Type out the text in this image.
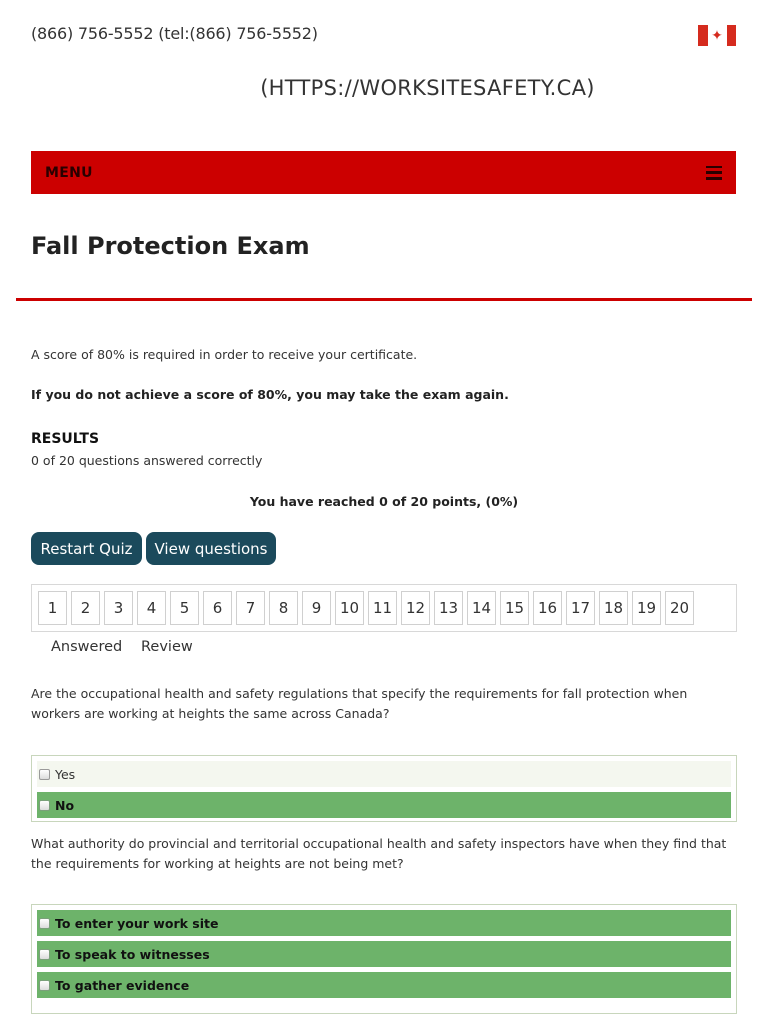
(866) 756-5552 (tel:(866) 756-5552)	✦
(HTTPS://WORKSITESAFETY.CA)
MENU
Fall Protection Exam

A score of 80% is required in order to receive your certificate.

If you do not achieve a score of 80%, you may take the exam again.

RESULTS

0 of 20 questions answered correctly

You have reached 0 of 20 points, (0%)

Restart Quiz	View questions
1	2	3	4	5	6	7	8	9	10 11 12 13 14 15 16 17 18 19 20
Answered Review

Are the occupational health and safety regulations that specify the requirements for fall protection when workers are working at heights the same across Canada?

Yes
No

What authority do provincial and territorial occupational health and safety inspectors have when they find that the requirements for working at heights are not being met?

To enter your work site
To speak to witnesses
To gather evidence
